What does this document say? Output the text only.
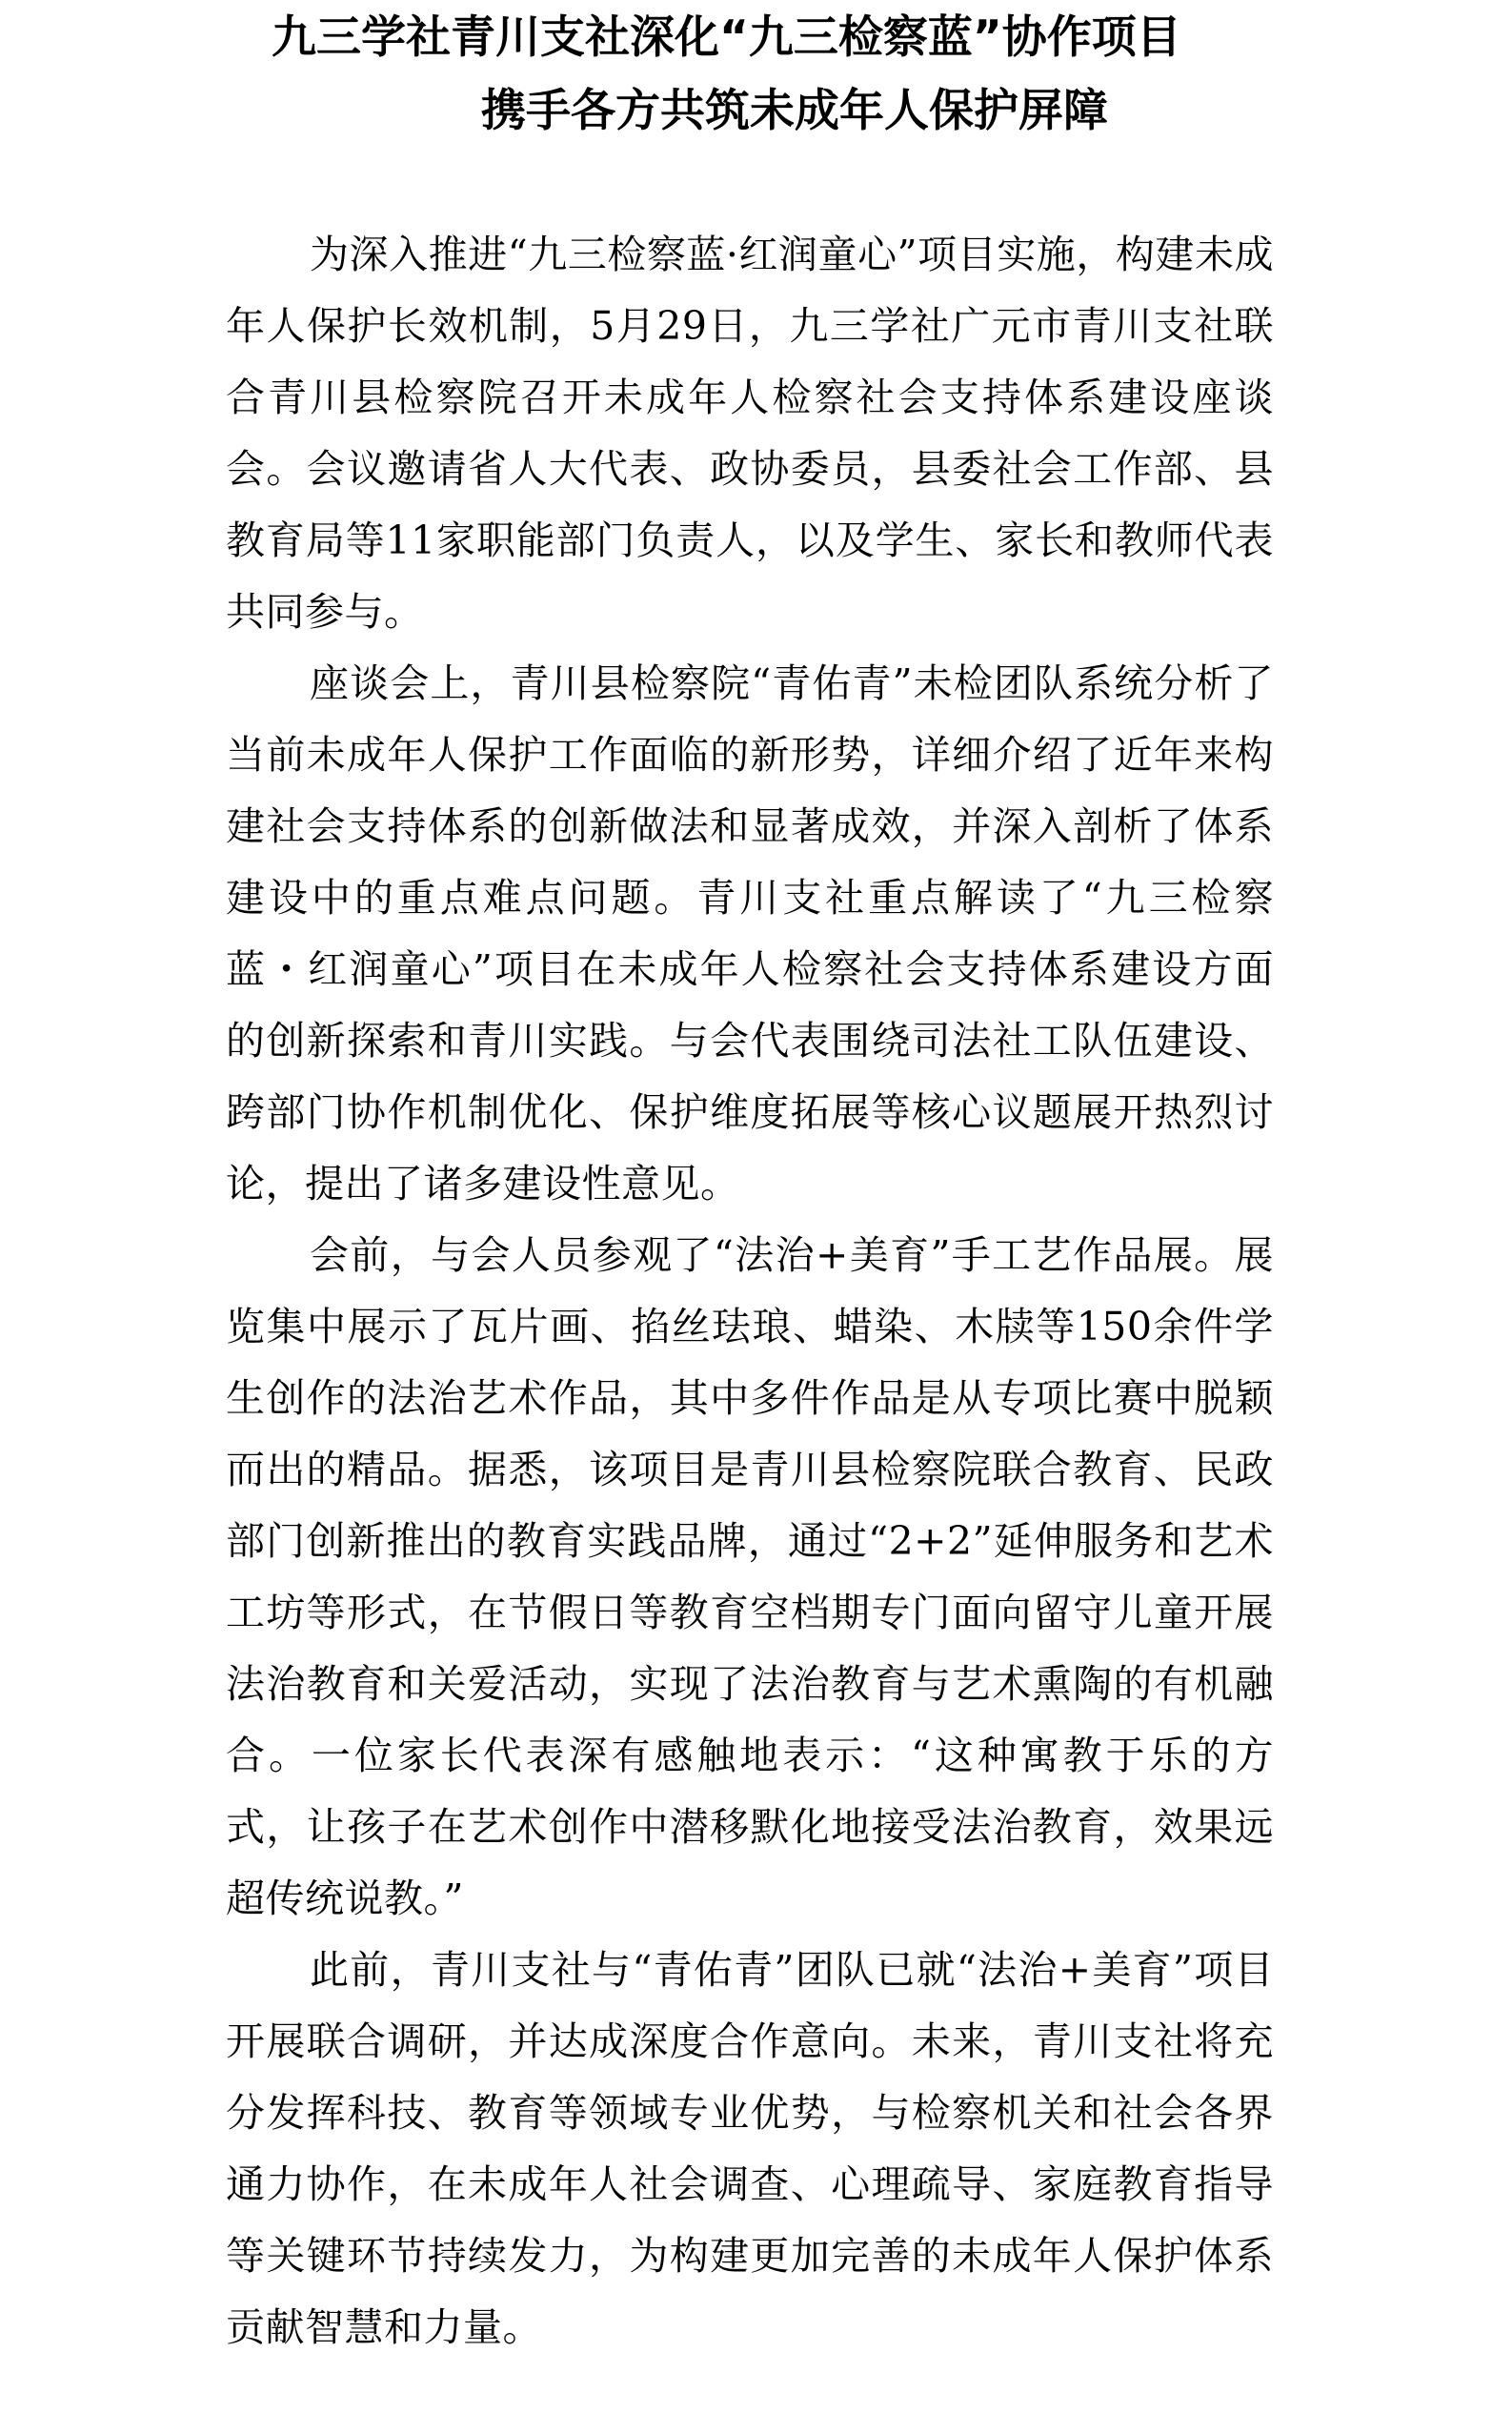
九三学社青川支社深化“九三检察蓝”协作项目
携手各方共筑未成年人保护屏障

为深入推进“九三检察蓝·红润童心”项目实施，构建未成年人保护长效机制，5月29日，九三学社广元市青川支社联合青川县检察院召开未成年人检察社会支持体系建设座谈会。会议邀请省人大代表、政协委员，县委社会工作部、县教育局等11家职能部门负责人，以及学生、家长和教师代表共同参与。

座谈会上，青川县检察院“青佑青”未检团队系统分析了当前未成年人保护工作面临的新形势，详细介绍了近年来构建社会支持体系的创新做法和显著成效，并深入剖析了体系建设中的重点难点问题。青川支社重点解读了“九三检察蓝・红润童心”项目在未成年人检察社会支持体系建设方面的创新探索和青川实践。与会代表围绕司法社工队伍建设、跨部门协作机制优化、保护维度拓展等核心议题展开热烈讨论，提出了诸多建设性意见。

会前，与会人员参观了“法治+美育”手工艺作品展。展览集中展示了瓦片画、掐丝珐琅、蜡染、木牍等150余件学生创作的法治艺术作品，其中多件作品是从专项比赛中脱颖而出的精品。据悉，该项目是青川县检察院联合教育、民政部门创新推出的教育实践品牌，通过“2+2”延伸服务和艺术工坊等形式，在节假日等教育空档期专门面向留守儿童开展法治教育和关爱活动，实现了法治教育与艺术熏陶的有机融合。一位家长代表深有感触地表示：“这种寓教于乐的方式，让孩子在艺术创作中潜移默化地接受法治教育，效果远超传统说教。”

此前，青川支社与“青佑青”团队已就“法治+美育”项目开展联合调研，并达成深度合作意向。未来，青川支社将充分发挥科技、教育等领域专业优势，与检察机关和社会各界通力协作，在未成年人社会调查、心理疏导、家庭教育指导等关键环节持续发力，为构建更加完善的未成年人保护体系贡献智慧和力量。
